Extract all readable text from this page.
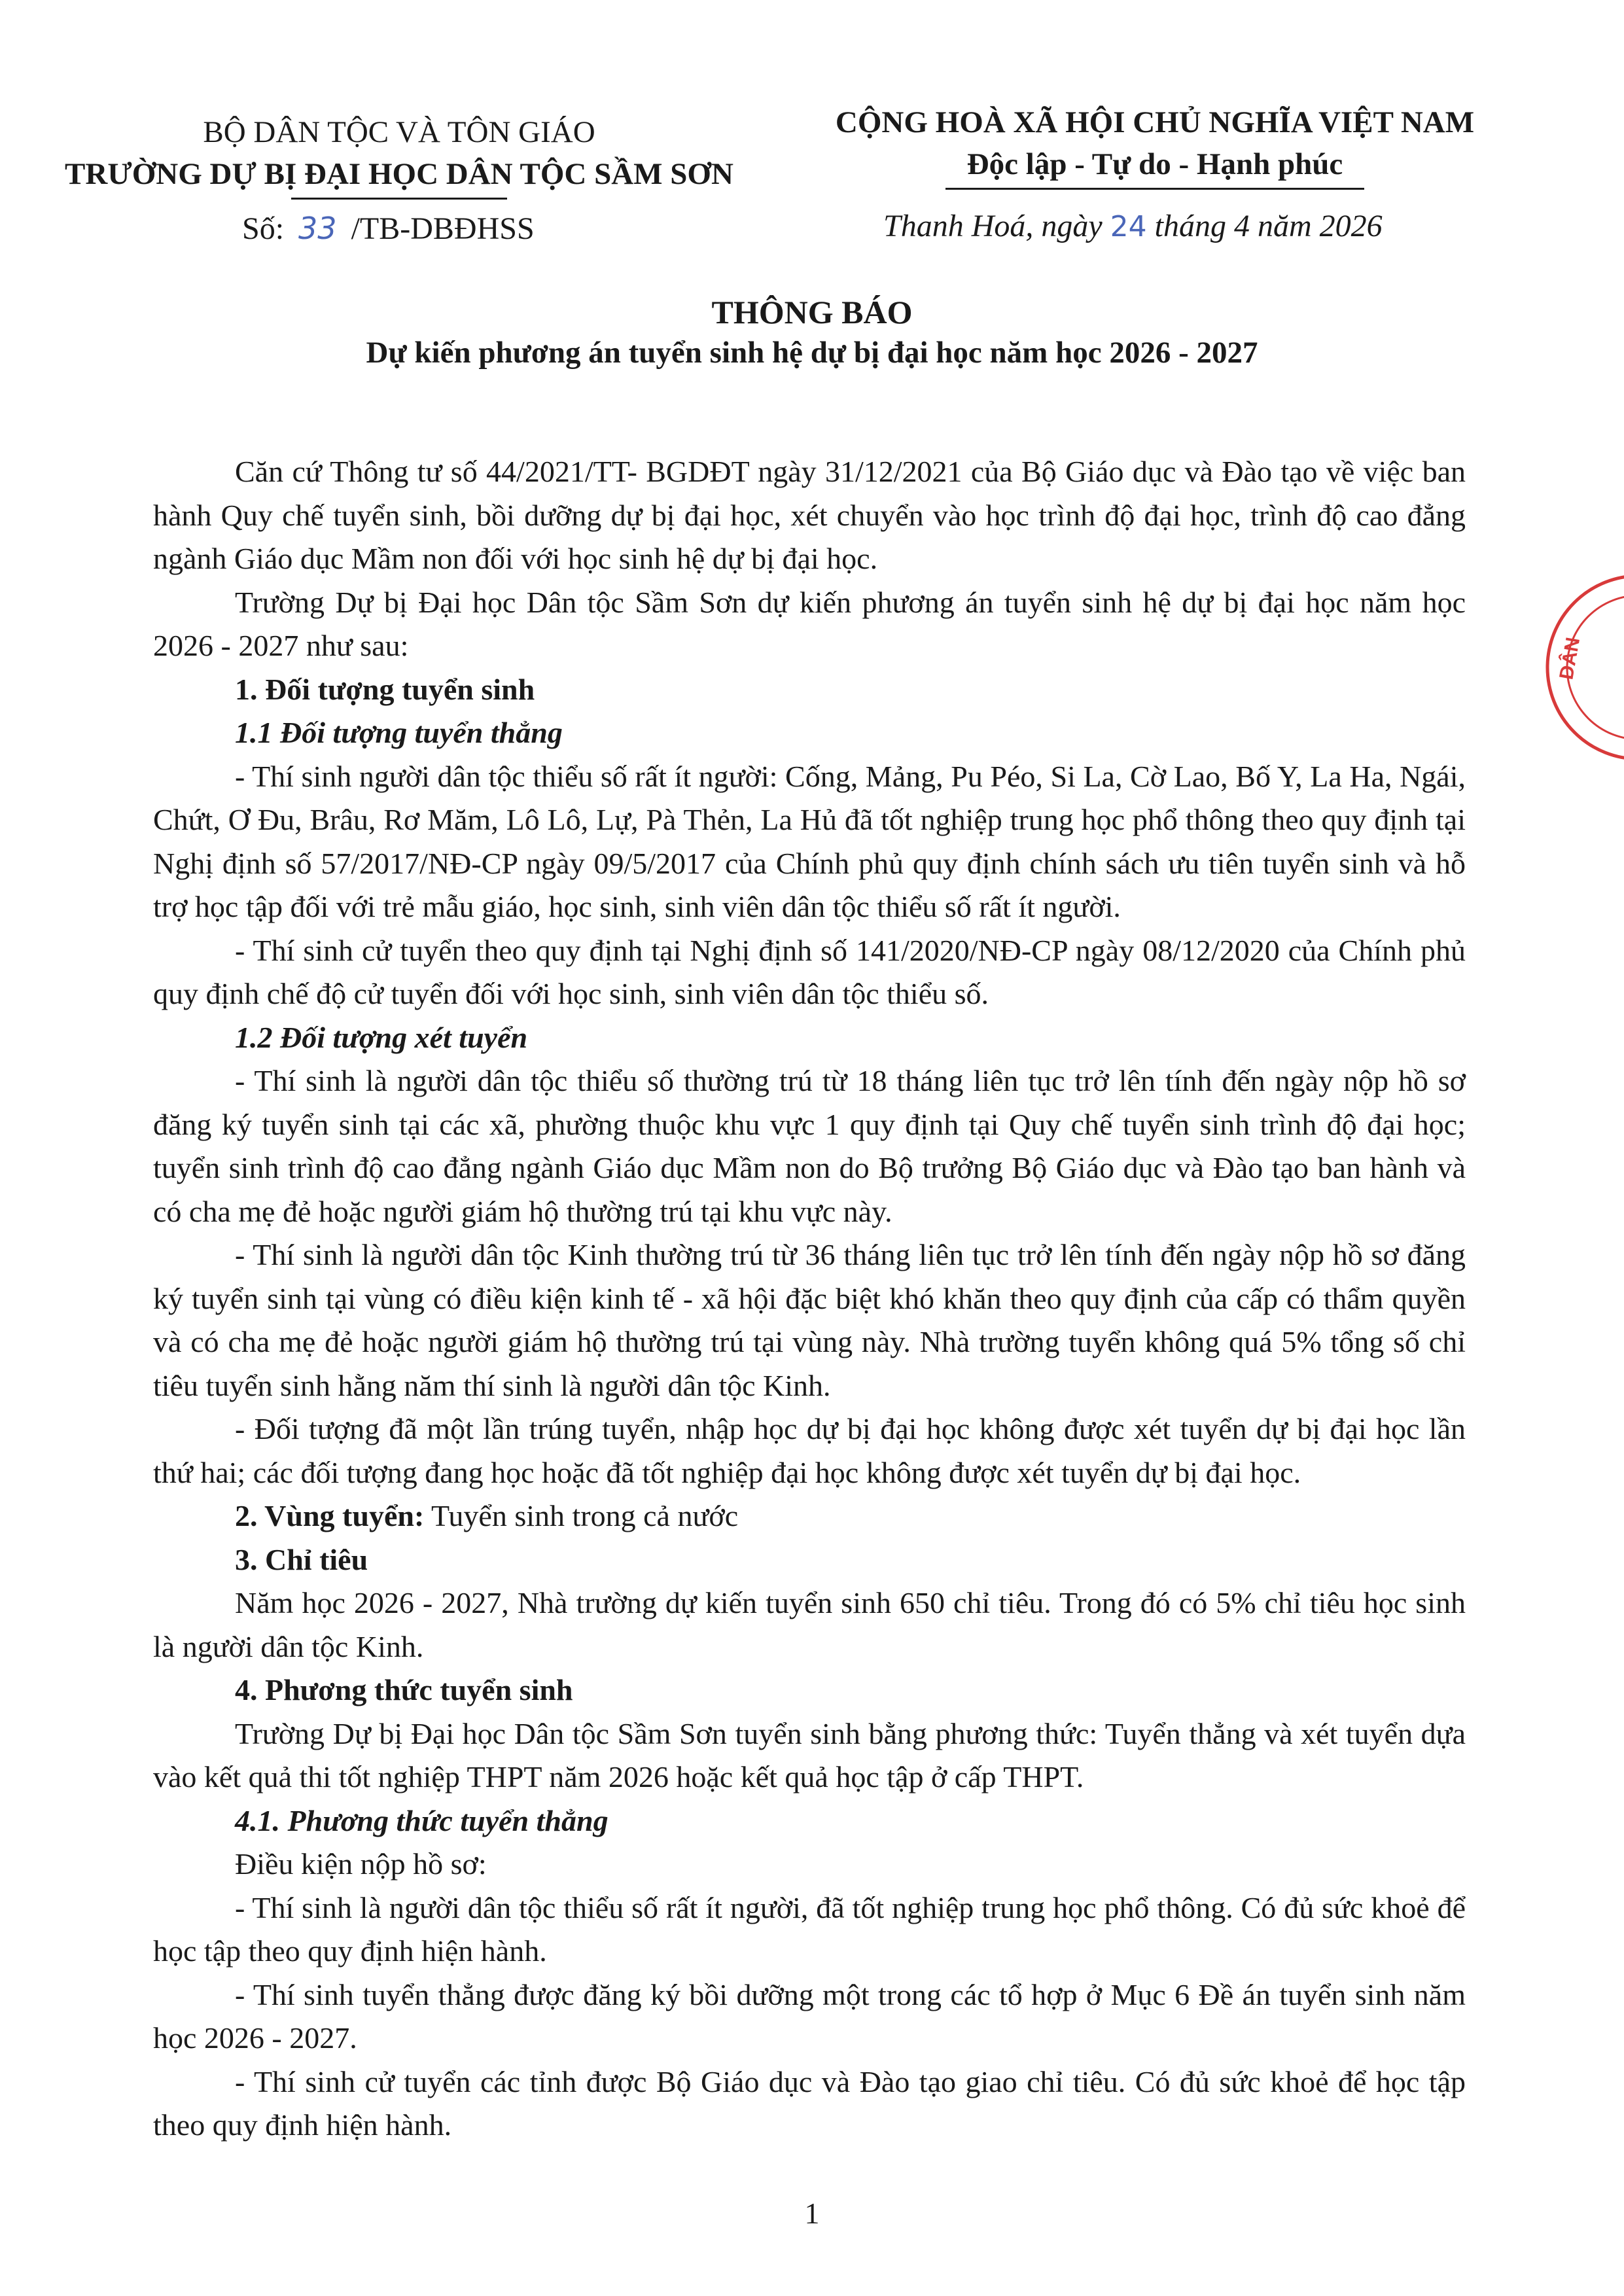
BỘ DÂN TỘC VÀ TÔN GIÁO
TRƯỜNG DỰ BỊ ĐẠI HỌC DÂN TỘC SẦM SƠN
CỘNG HOÀ XÃ HỘI CHỦ NGHĨA VIỆT NAM
Độc lập - Tự do - Hạnh phúc
Số: 33 /TB-DBĐHSS	Thanh Hoá, ngày 24 tháng 4 năm 2026
THÔNG BÁO
Dự kiến phương án tuyển sinh hệ dự bị đại học năm học 2026 - 2027

Căn cứ Thông tư số 44/2021/TT- BGDĐT ngày 31/12/2021 của Bộ Giáo dục và Đào tạo về việc ban hành Quy chế tuyển sinh, bồi dưỡng dự bị đại học, xét chuyển vào học trình độ đại học, trình độ cao đẳng ngành Giáo dục Mầm non đối với học sinh hệ dự bị đại học.

Trường Dự bị Đại học Dân tộc Sầm Sơn dự kiến phương án tuyển sinh hệ dự bị đại học năm học 2026 - 2027 như sau:

1. Đối tượng tuyển sinh

1.1 Đối tượng tuyển thẳng

- Thí sinh người dân tộc thiểu số rất ít người: Cống, Mảng, Pu Péo, Si La, Cờ Lao, Bố Y, La Ha, Ngái, Chứt, Ơ Đu, Brâu, Rơ Măm, Lô Lô, Lự, Pà Thẻn, La Hủ đã tốt nghiệp trung học phổ thông theo quy định tại Nghị định số 57/2017/NĐ-CP ngày 09/5/2017 của Chính phủ quy định chính sách ưu tiên tuyển sinh và hỗ trợ học tập đối với trẻ mẫu giáo, học sinh, sinh viên dân tộc thiểu số rất ít người.

- Thí sinh cử tuyển theo quy định tại Nghị định số 141/2020/NĐ-CP ngày 08/12/2020 của Chính phủ quy định chế độ cử tuyển đối với học sinh, sinh viên dân tộc thiểu số.

1.2 Đối tượng xét tuyển

- Thí sinh là người dân tộc thiểu số thường trú từ 18 tháng liên tục trở lên tính đến ngày nộp hồ sơ đăng ký tuyển sinh tại các xã, phường thuộc khu vực 1 quy định tại Quy chế tuyển sinh trình độ đại học; tuyển sinh trình độ cao đẳng ngành Giáo dục Mầm non do Bộ trưởng Bộ Giáo dục và Đào tạo ban hành và có cha mẹ đẻ hoặc người giám hộ thường trú tại khu vực này.

- Thí sinh là người dân tộc Kinh thường trú từ 36 tháng liên tục trở lên tính đến ngày nộp hồ sơ đăng ký tuyển sinh tại vùng có điều kiện kinh tế - xã hội đặc biệt khó khăn theo quy định của cấp có thẩm quyền và có cha mẹ đẻ hoặc người giám hộ thường trú tại vùng này. Nhà trường tuyển không quá 5% tổng số chỉ tiêu tuyển sinh hằng năm thí sinh là người dân tộc Kinh.

- Đối tượng đã một lần trúng tuyển, nhập học dự bị đại học không được xét tuyển dự bị đại học lần thứ hai; các đối tượng đang học hoặc đã tốt nghiệp đại học không được xét tuyển dự bị đại học.

2. Vùng tuyển: Tuyển sinh trong cả nước

3. Chỉ tiêu

Năm học 2026 - 2027, Nhà trường dự kiến tuyển sinh 650 chỉ tiêu. Trong đó có 5% chỉ tiêu học sinh là người dân tộc Kinh.

4. Phương thức tuyển sinh

Trường Dự bị Đại học Dân tộc Sầm Sơn tuyển sinh bằng phương thức: Tuyển thẳng và xét tuyển dựa vào kết quả thi tốt nghiệp THPT năm 2026 hoặc kết quả học tập ở cấp THPT.

4.1. Phương thức tuyển thẳng

Điều kiện nộp hồ sơ:

- Thí sinh là người dân tộc thiểu số rất ít người, đã tốt nghiệp trung học phổ thông. Có đủ sức khoẻ để học tập theo quy định hiện hành.

- Thí sinh tuyển thẳng được đăng ký bồi dưỡng một trong các tổ hợp ở Mục 6 Đề án tuyển sinh năm học 2026 - 2027.

- Thí sinh cử tuyển các tỉnh được Bộ Giáo dục và Đào tạo giao chỉ tiêu. Có đủ sức khoẻ để học tập theo quy định hiện hành.

DÂN
1
